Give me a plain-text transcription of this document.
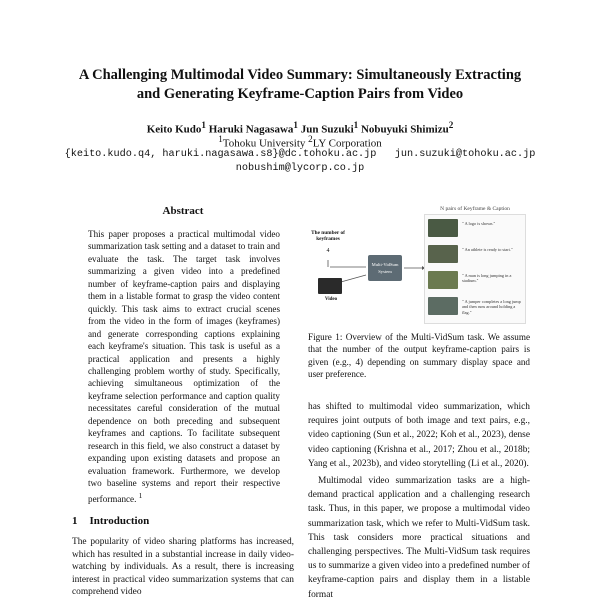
A Challenging Multimodal Video Summary: Simultaneously Extracting
and Generating Keyframe-Caption Pairs from Video
Keito Kudo$^1$ Haruki Nagasawa$^1$ Jun Suzuki$^1$ Nobuyuki Shimizu$^2$
$^1$Tohoku University $^2$LY Corporation
{keito.kudo.q4, haruki.nagasawa.s8}@dc.tohoku.ac.jp jun.suzuki@tohoku.ac.jp
nobushim@lycorp.co.jp
Abstract
This paper proposes a practical multimodal video summarization task setting and a dataset to train and evaluate the task. The target task involves summarizing a given video into a predefined number of keyframe-caption pairs and displaying them in a listable format to grasp the video content quickly. This task aims to extract crucial scenes from the video in the form of images (keyframes) and generate corresponding captions explaining each keyframe's situation. This task is useful as a practical application and presents a highly challenging problem worthy of study. Specifically, achieving simultaneous optimization of the keyframe selection performance and caption quality necessitates careful consideration of the mutual dependence on both preceding and subsequent keyframes and captions. To facilitate subsequent research in this field, we also construct a dataset by expanding upon existing datasets and propose an evaluation framework. Furthermore, we develop two baseline systems and report their respective performance. $^1$
1 Introduction
The popularity of video sharing platforms has increased, which has resulted in a substantial increase in daily video-watching by individuals. As a result, there is increasing interest in practical video summarization systems that can comprehend video
N pairs of Keyframe & Caption
" A logo is shown."
" An athlete is ready to start."
" A man is long jumping in a stadium."
" A jumper completes a long jump and then runs around holding a flag."
The number of keyframes
4
Multi-VidSum System
Video
Figure 1: Overview of the Multi-VidSum task. We assume that the number of the output keyframe-caption pairs is given (e.g., 4) depending on summary display space and user preference.

has shifted to multimodal video summarization, which requires joint outputs of both image and text pairs, e.g., video captioning (Sun et al., 2022; Koh et al., 2023), dense video captioning (Krishna et al., 2017; Zhou et al., 2018b; Yang et al., 2023b), and video storytelling (Li et al., 2020).

Multimodal video summarization tasks are a high-demand practical application and a challenging research task. Thus, in this paper, we propose a multimodal video summarization task, which we refer to Multi-VidSum task. This task considers more practical situations and challenging perspectives. The Multi-VidSum task requires us to summarize a given video into a predefined number of keyframe-caption pairs and display them in a listable format
